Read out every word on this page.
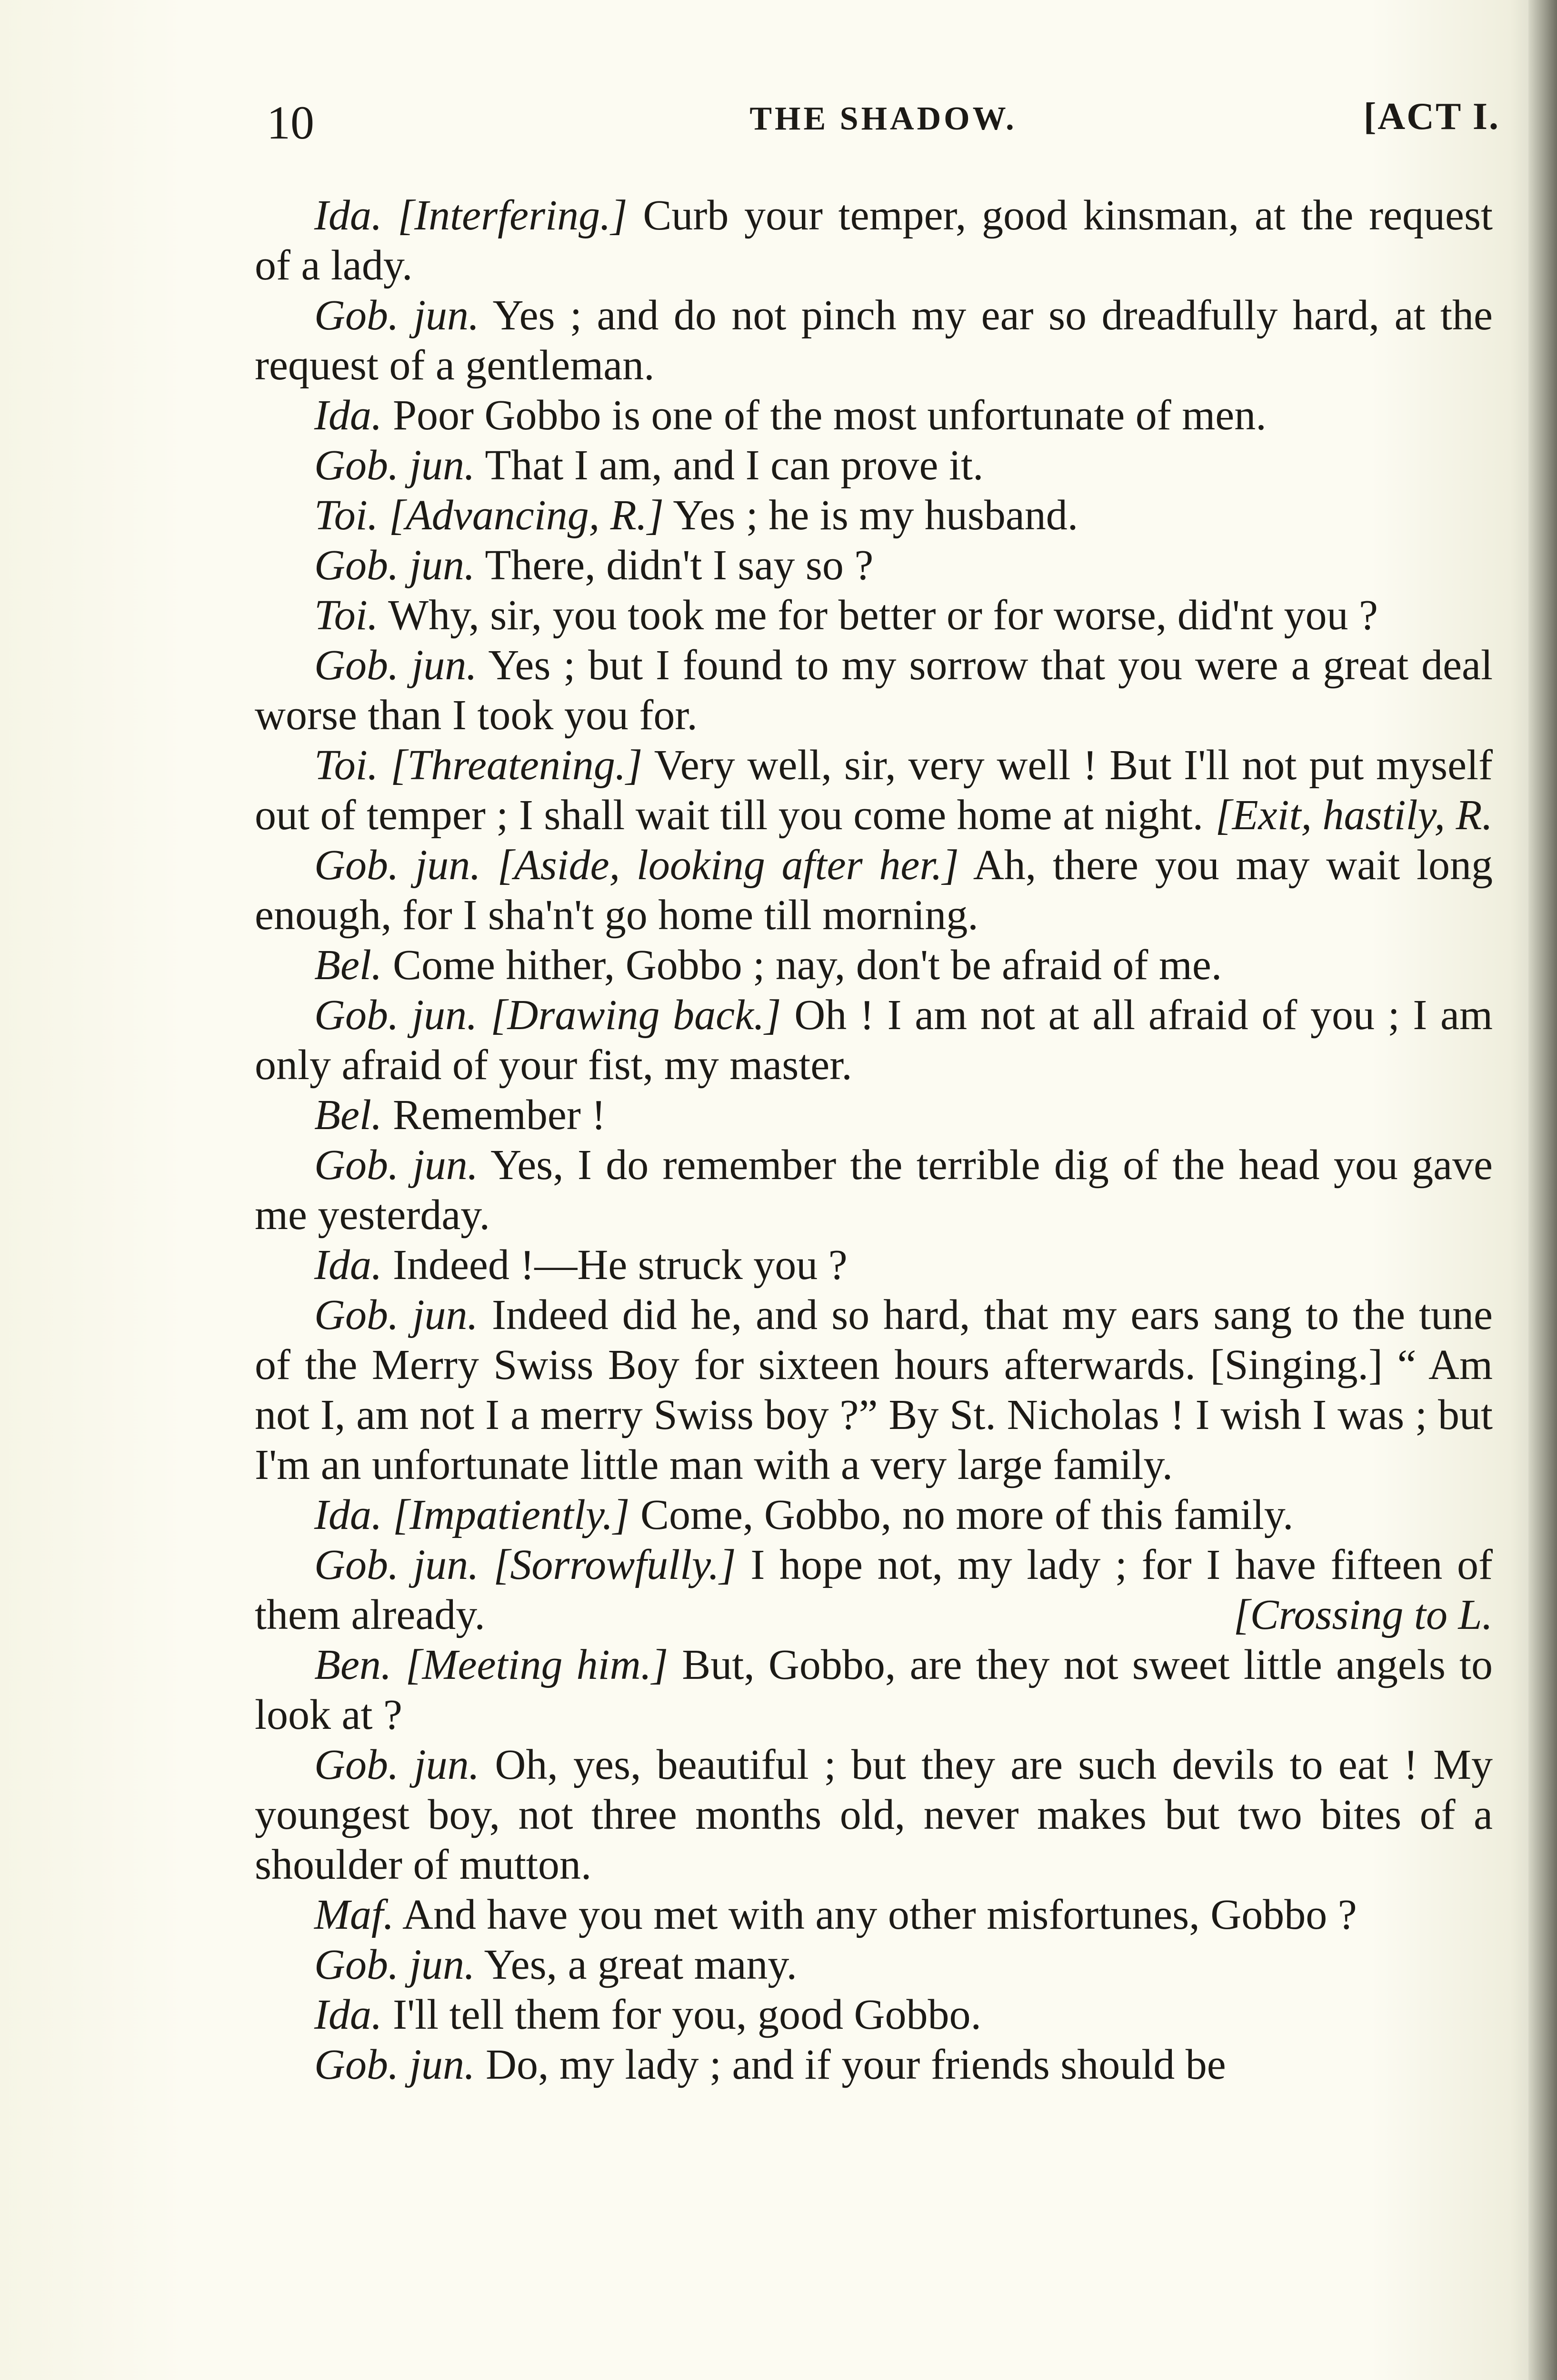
10	THE SHADOW.	[ACT I.

Ida. [Interfering.] Curb your temper, good kinsman, at the request of a lady.

Gob. jun. Yes ; and do not pinch my ear so dreadfully hard, at the request of a gentleman.

Ida. Poor Gobbo is one of the most unfortunate of men.

Gob. jun. That I am, and I can prove it.

Toi. [Advancing, R.] Yes ; he is my husband.

Gob. jun. There, didn't I say so ?

Toi. Why, sir, you took me for better or for worse, did'nt you ?

Gob. jun. Yes ; but I found to my sorrow that you were a great deal worse than I took you for.

Toi. [Threatening.] Very well, sir, very well ! But I'll not put myself out of temper ; I shall wait till you come home at night. [Exit, hastily, R.

Gob. jun. [Aside, looking after her.] Ah, there you may wait long enough, for I sha'n't go home till morning.

Bel. Come hither, Gobbo ; nay, don't be afraid of me.

Gob. jun. [Drawing back.] Oh ! I am not at all afraid of you ; I am only afraid of your fist, my master.

Bel. Remember !

Gob. jun. Yes, I do remember the terrible dig of the head you gave me yesterday.

Ida. Indeed !—He struck you ?

Gob. jun. Indeed did he, and so hard, that my ears sang to the tune of the Merry Swiss Boy for sixteen hours afterwards. [Singing.] “ Am not I, am not I a merry Swiss boy ?” By St. Nicholas ! I wish I was ; but I'm an unfortunate little man with a very large family.

Ida. [Impatiently.] Come, Gobbo, no more of this family.

Gob. jun. [Sorrowfully.] I hope not, my lady ; for I have fifteen of them already.	[Crossing to L.

Ben. [Meeting him.] But, Gobbo, are they not sweet little angels to look at ?

Gob. jun. Oh, yes, beautiful ; but they are such devils to eat ! My youngest boy, not three months old, never makes but two bites of a shoulder of mutton.

Maf. And have you met with any other misfortunes, Gobbo ?

Gob. jun. Yes, a great many.

Ida. I'll tell them for you, good Gobbo.

Gob. jun. Do, my lady ; and if your friends should be
